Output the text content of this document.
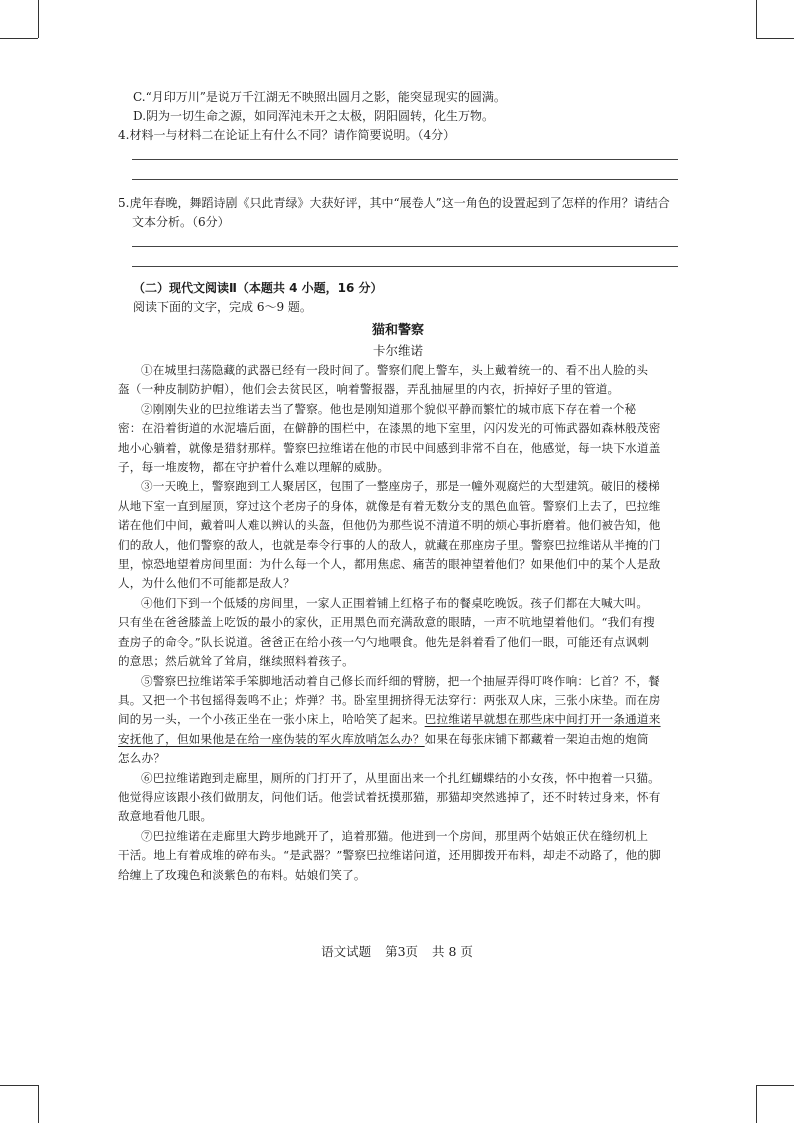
C.“月印万川”是说万千江湖无不映照出圆月之影，能突显现实的圆满。
D.阴为一切生命之源，如同浑沌未开之太极，阴阳圆转，化生万物。
4.材料一与材料二在论证上有什么不同？请作简要说明。（4分）
5.虎年春晚，舞蹈诗剧《只此青绿》大获好评，其中“展卷人”这一角色的设置起到了怎样的作用？请结合
文本分析。（6分）
（二）现代文阅读Ⅱ（本题共 4 小题，16 分）
阅读下面的文字，完成 6～9 题。
猫和警察
卡尔维诺
①在城里扫荡隐藏的武器已经有一段时间了。警察们爬上警车，头上戴着统一的、看不出人脸的头
盔（一种皮制防护帽），他们会去贫民区，响着警报器，弄乱抽屉里的内衣，折掉好子里的管道。
②刚刚失业的巴拉维诺去当了警察。他也是刚知道那个貌似平静而繁忙的城市底下存在着一个秘
密：在沿着街道的水泥墙后面，在僻静的围栏中，在漆黑的地下室里，闪闪发光的可怖武器如森林般茂密
地小心躺着，就像是猎豺那样。警察巴拉维诺在他的市民中间感到非常不自在，他感觉，每一块下水道盖
子，每一堆废物，都在守护着什么难以理解的威胁。
③一天晚上，警察跑到工人聚居区，包围了一整座房子，那是一幢外观腐烂的大型建筑。破旧的楼梯
从地下室一直到屋顶，穿过这个老房子的身体，就像是有着无数分支的黑色血管。警察们上去了，巴拉维
诺在他们中间，戴着叫人难以辨认的头盔，但他仍为那些说不清道不明的烦心事折磨着。他们被告知，他
们的敌人，他们警察的敌人，也就是奉令行事的人的敌人，就藏在那座房子里。警察巴拉维诺从半掩的门
里，惊恐地望着房间里面：为什么每一个人，都用焦虑、痛苦的眼神望着他们？如果他们中的某个人是敌
人，为什么他们不可能都是敌人？
④他们下到一个低矮的房间里，一家人正围着铺上红格子布的餐桌吃晚饭。孩子们都在大喊大叫。
只有坐在爸爸膝盖上吃饭的最小的家伙，正用黑色而充满敌意的眼睛，一声不吭地望着他们。“我们有搜
查房子的命令。”队长说道。爸爸正在给小孩一勺勺地喂食。他先是斜着看了他们一眼，可能还有点讽刺
的意思；然后就耸了耸肩，继续照料着孩子。
⑤警察巴拉维诺笨手笨脚地活动着自己修长而纤细的臂膀，把一个抽屉弄得叮咚作响：匕首？不，餐
具。又把一个书包摇得轰鸣不止；炸弹？书。卧室里拥挤得无法穿行：两张双人床，三张小床垫。而在房
间的另一头，一个小孩正坐在一张小床上，哈哈笑了起来。巴拉维诺早就想在那些床中间打开一条通道来
安抚他了，但如果他是在给一座伪装的军火库放哨怎么办？如果在每张床铺下都藏着一架迫击炮的炮筒
怎么办？
⑥巴拉维诺跑到走廊里，厕所的门打开了，从里面出来一个扎红蝴蝶结的小女孩，怀中抱着一只猫。
他觉得应该跟小孩们做朋友，问他们话。他尝试着抚摸那猫，那猫却突然逃掉了，还不时转过身来，怀有
敌意地看他几眼。
⑦巴拉维诺在走廊里大跨步地跳开了，追着那猫。他进到一个房间，那里两个姑娘正伏在缝纫机上
干活。地上有着成堆的碎布头。“是武器？”警察巴拉维诺问道，还用脚拨开布料，却走不动路了，他的脚
给缠上了玫瑰色和淡紫色的布料。姑娘们笑了。
语文试题 第3页 共 8 页
